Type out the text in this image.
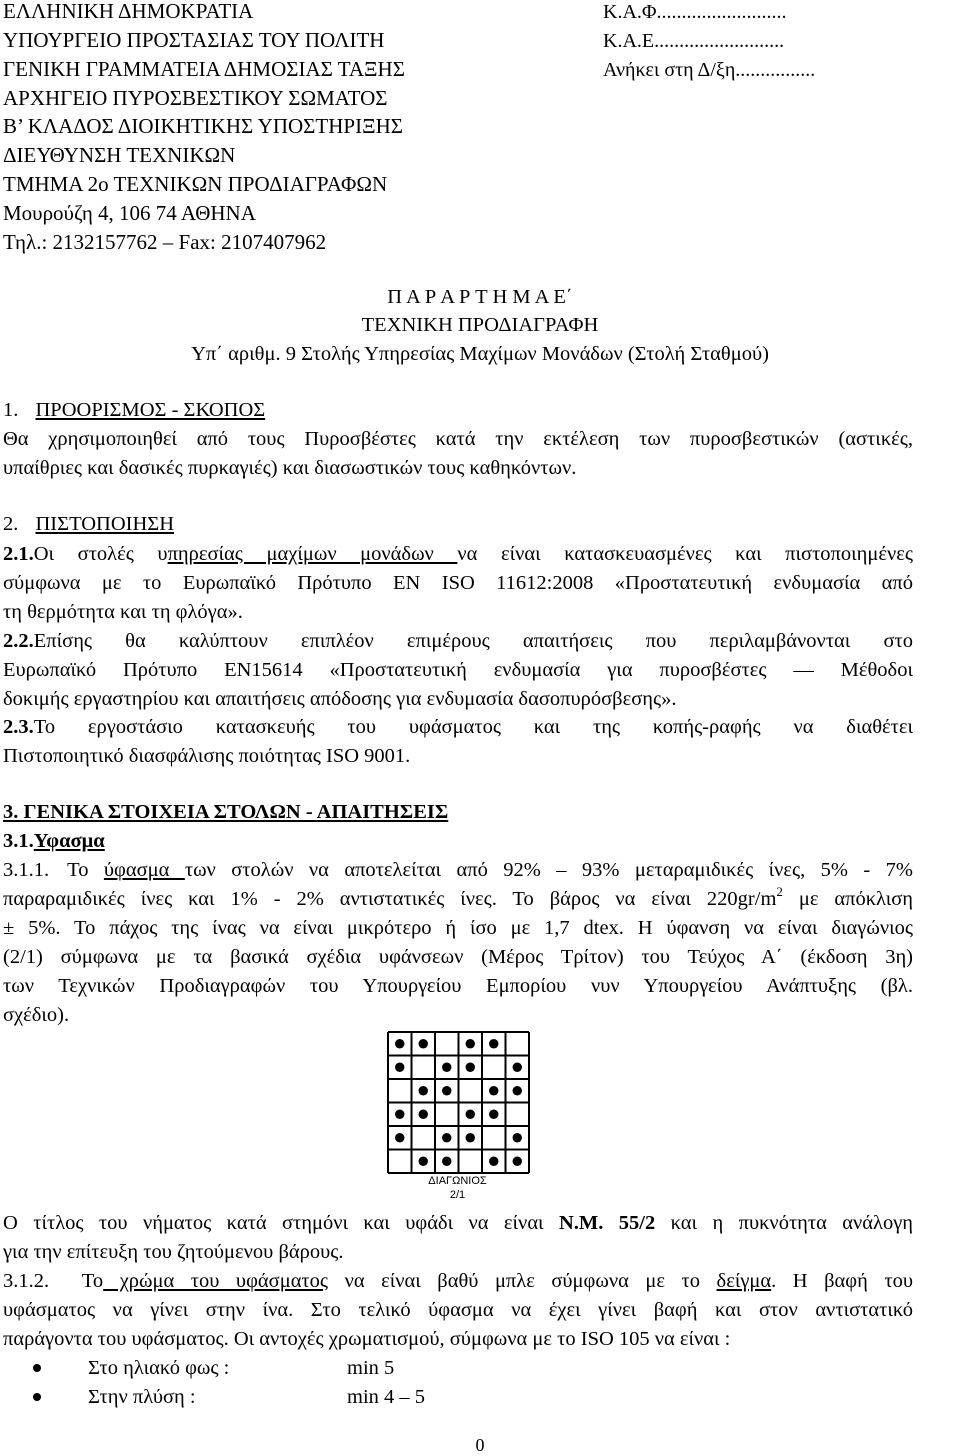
ΕΛΛΗΝΙΚΗ ΔΗΜΟΚΡΑΤΙΑ
ΥΠΟΥΡΓΕΙΟ ΠΡΟΣΤΑΣΙΑΣ ΤΟΥ ΠΟΛΙΤΗ
ΓΕΝΙΚΗ ΓΡΑΜΜΑΤΕΙΑ ΔΗΜΟΣΙΑΣ ΤΑΞΗΣ
ΑΡΧΗΓΕΙΟ ΠΥΡΟΣΒΕΣΤΙΚΟΥ ΣΩΜΑΤΟΣ
Β’ ΚΛΑΔΟΣ ΔΙΟΙΚΗΤΙΚΗΣ ΥΠΟΣΤΗΡΙΞΗΣ
ΔΙΕΥΘΥΝΣΗ ΤΕΧΝΙΚΩΝ
ΤΜΗΜΑ 2ο ΤΕΧΝΙΚΩΝ ΠΡΟΔΙΑΓΡΑΦΩΝ
Μουρούζη 4, 106 74 ΑΘΗΝΑ
Τηλ.: 2132157762 – Fax: 2107407962
Κ.Α.Φ..........................
Κ.Α.Ε..........................
Ανήκει στη Δ/ξη................
Π Α Ρ Α Ρ Τ Η Μ Α Ε΄
ΤΕΧΝΙΚΗ ΠΡΟΔΙΑΓΡΑΦΗ
Υπ΄ αριθμ. 9 Στολής Υπηρεσίας Μαχίμων Μονάδων (Στολή Σταθμού)
1. ΠΡΟΟΡΙΣΜΟΣ - ΣΚΟΠΟΣ
Θα χρησιμοποιηθεί από τους Πυροσβέστες κατά την εκτέλεση των πυροσβεστικών (αστικές,
υπαίθριες και δασικές πυρκαγιές) και διασωστικών τους καθηκόντων.
2. ΠΙΣΤΟΠΟΙΗΣΗ
2.1.Οι στολές υπηρεσίας μαχίμων μονάδων να είναι κατασκευασμένες και πιστοποιημένες
σύμφωνα με το Ευρωπαϊκό Πρότυπο ΕΝ ISO 11612:2008 «Προστατευτική ενδυμασία από
τη θερμότητα και τη φλόγα».
2.2.Επίσης θα καλύπτουν επιπλέον επιμέρους απαιτήσεις που περιλαμβάνονται στο
Ευρωπαϊκό Πρότυπο ΕΝ15614 «Προστατευτική ενδυμασία για πυροσβέστες — Μέθοδοι
δοκιμής εργαστηρίου και απαιτήσεις απόδοσης για ενδυμασία δασοπυρόσβεσης».
2.3.Το εργοστάσιο κατασκευής του υφάσματος και της κοπής-ραφής να διαθέτει
Πιστοποιητικό διασφάλισης ποιότητας ISO 9001.
3. ΓΕΝΙΚΑ ΣΤΟΙΧΕΙΑ ΣΤΟΛΩΝ - ΑΠΑΙΤΗΣΕΙΣ
3.1.Υφασμα
3.1.1. Το ύφασμα των στολών να αποτελείται από 92% – 93% μεταραμιδικές ίνες, 5% - 7%
παραραμιδικές ίνες και 1% - 2% αντιστατικές ίνες. Το βάρος να είναι $220gr/m^2$ με απόκλιση
± 5%. Το πάχος της ίνας να είναι μικρότερο ή ίσο με 1,7 dtex. Η ύφανση να είναι διαγώνιος
(2/1) σύμφωνα με τα βασικά σχέδια υφάνσεων (Μέρος Τρίτον) του Τεύχος Α΄ (έκδοση 3η)
των Τεχνικών Προδιαγραφών του Υπουργείου Εμπορίου νυν Υπουργείου Ανάπτυξης (βλ.
σχέδιο).
ΔΙΑΓΩΝΙΟΣ
2/1
Ο τίτλος του νήματος κατά στημόνι και υφάδι να είναι Ν.Μ. 55/2 και η πυκνότητα ανάλογη
για την επίτευξη του ζητούμενου βάρους.
3.1.2.  Το χρώμα του υφάσματος να είναι βαθύ μπλε σύμφωνα με το δείγμα. Η βαφή του
υφάσματος να γίνει στην ίνα. Στο τελικό ύφασμα να έχει γίνει βαφή και στον αντιστατικό
παράγοντα του υφάσματος. Οι αντοχές χρωματισμού, σύμφωνα με το ISO 105 να είναι :
Στο ηλιακό φως :	min 5
Στην πλύση :	min 4 – 5
0
